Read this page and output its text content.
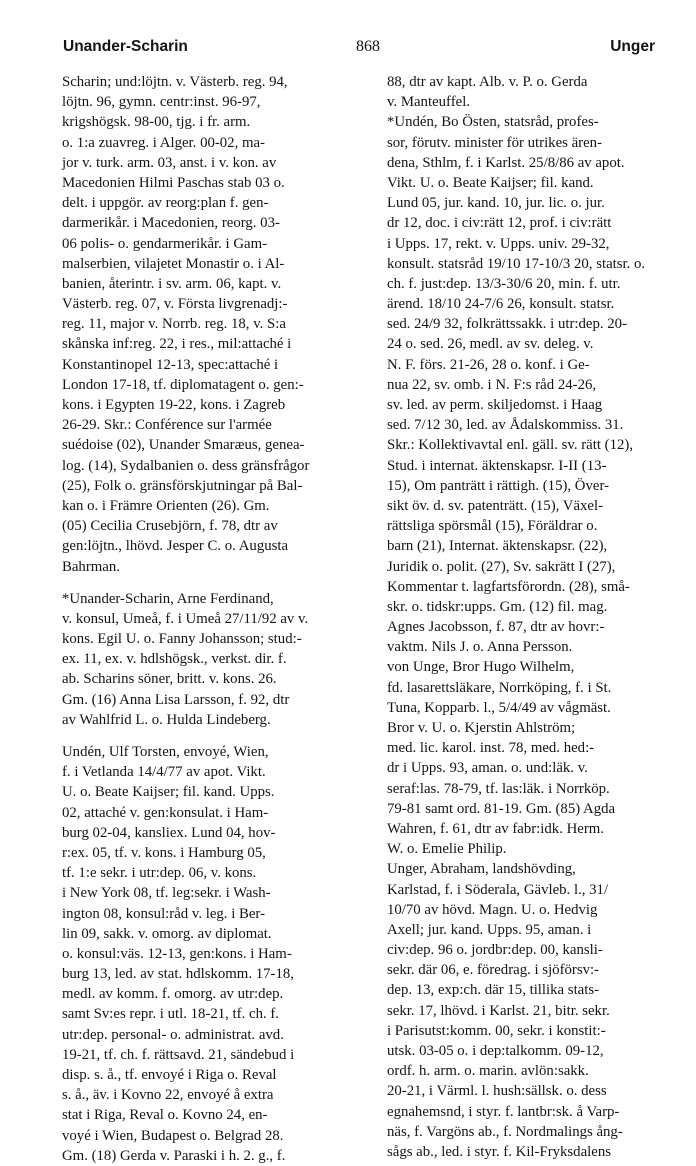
Unander-Scharin	868	Unger
Scharin; und:löjtn. v. Västerb. reg. 94,
löjtn. 96, gymn. centr:inst. 96-97,
krigshögsk. 98-00, tjg. i fr. arm.
o. 1:a zuavreg. i Alger. 00-02, ma-
jor v. turk. arm. 03, anst. i v. kon. av
Macedonien Hilmi Paschas stab 03 o.
delt. i uppgör. av reorg:plan f. gen-
darmerikår. i Macedonien, reorg. 03-
06 polis- o. gendarmerikår. i Gam-
malserbien, vilajetet Monastir o. i Al-
banien, återintr. i sv. arm. 06, kapt. v.
Västerb. reg. 07, v. Första livgrenadj:-
reg. 11, major v. Norrb. reg. 18, v. S:a
skånska inf:reg. 22, i res., mil:attaché i
Konstantinopel 12-13, spec:attaché i
London 17-18, tf. diplomatagent o. gen:-
kons. i Egypten 19-22, kons. i Zagreb
26-29. Skr.: Conférence sur l'armée
suédoise (02), Unander Smaræus, genea-
log. (14), Sydalbanien o. dess gränsfrågor
(25), Folk o. gränsförskjutningar på Bal-
kan o. i Främre Orienten (26). Gm.
(05) Cecilia Crusebjörn, f. 78, dtr av
gen:löjtn., lhövd. Jesper C. o. Augusta
Bahrman.
*Unander-Scharin, Arne Ferdinand,
v. konsul, Umeå, f. i Umeå 27/11/92 av v.
kons. Egil U. o. Fanny Johansson; stud:-
ex. 11, ex. v. hdlshögsk., verkst. dir. f.
ab. Scharins söner, britt. v. kons. 26.
Gm. (16) Anna Lisa Larsson, f. 92, dtr
av Wahlfrid L. o. Hulda Lindeberg.
Undén, Ulf Torsten, envoyé, Wien,
f. i Vetlanda 14/4/77 av apot. Vikt.
U. o. Beate Kaijser; fil. kand. Upps.
02, attaché v. gen:konsulat. i Ham-
burg 02-04, kansliex. Lund 04, hov-
r:ex. 05, tf. v. kons. i Hamburg 05,
tf. 1:e sekr. i utr:dep. 06, v. kons.
i New York 08, tf. leg:sekr. i Wash-
ington 08, konsul:råd v. leg. i Ber-
lin 09, sakk. v. omorg. av diplomat.
o. konsul:väs. 12-13, gen:kons. i Ham-
burg 13, led. av stat. hdlskomm. 17-18,
medl. av komm. f. omorg. av utr:dep.
samt Sv:es repr. i utl. 18-21, tf. ch. f.
utr:dep. personal- o. administrat. avd.
19-21, tf. ch. f. rättsavd. 21, sändebud i
disp. s. å., tf. envoyé i Riga o. Reval
s. å., äv. i Kovno 22, envoyé å extra
stat i Riga, Reval o. Kovno 24, en-
voyé i Wien, Budapest o. Belgrad 28.
Gm. (18) Gerda v. Paraski i h. 2. g., f.
88, dtr av kapt. Alb. v. P. o. Gerda
v. Manteuffel.
*Undén, Bo Östen, statsråd, profes-
sor, förutv. minister för utrikes ären-
dena, Sthlm, f. i Karlst. 25/8/86 av apot.
Vikt. U. o. Beate Kaijser; fil. kand.
Lund 05, jur. kand. 10, jur. lic. o. jur.
dr 12, doc. i civ:rätt 12, prof. i civ:rätt
i Upps. 17, rekt. v. Upps. univ. 29-32,
konsult. statsråd 19/10 17-10/3 20, statsr. o.
ch. f. just:dep. 13/3-30/6 20, min. f. utr.
ärend. 18/10 24-7/6 26, konsult. statsr.
sed. 24/9 32, folkrättssakk. i utr:dep. 20-
24 o. sed. 26, medl. av sv. deleg. v.
N. F. förs. 21-26, 28 o. konf. i Ge-
nua 22, sv. omb. i N. F:s råd 24-26,
sv. led. av perm. skiljedomst. i Haag
sed. 7/12 30, led. av Ådalskommiss. 31.
Skr.: Kollektivavtal enl. gäll. sv. rätt (12),
Stud. i internat. äktenskapsr. I-II (13-
15), Om panträtt i rättigh. (15), Över-
sikt öv. d. sv. patenträtt. (15), Växel-
rättsliga spörsmål (15), Föräldrar o.
barn (21), Internat. äktenskapsr. (22),
Juridik o. polit. (27), Sv. sakrätt I (27),
Kommentar t. lagfartsförordn. (28), små-
skr. o. tidskr:upps. Gm. (12) fil. mag.
Agnes Jacobsson, f. 87, dtr av hovr:-
vaktm. Nils J. o. Anna Persson.
von Unge, Bror Hugo Wilhelm,
fd. lasarettsläkare, Norrköping, f. i St.
Tuna, Kopparb. l., 5/4/49 av vågmäst.
Bror v. U. o. Kjerstin Ahlström;
med. lic. karol. inst. 78, med. hed:-
dr i Upps. 93, aman. o. und:läk. v.
seraf:las. 78-79, tf. las:läk. i Norrköp.
79-81 samt ord. 81-19. Gm. (85) Agda
Wahren, f. 61, dtr av fabr:idk. Herm.
W. o. Emelie Philip.
Unger, Abraham, landshövding,
Karlstad, f. i Söderala, Gävleb. l., 31/
10/70 av hövd. Magn. U. o. Hedvig
Axell; jur. kand. Upps. 95, aman. i
civ:dep. 96 o. jordbr:dep. 00, kansli-
sekr. där 06, e. föredrag. i sjöförsv:-
dep. 13, exp:ch. där 15, tillika stats-
sekr. 17, lhövd. i Karlst. 21, bitr. sekr.
i Parisutst:komm. 00, sekr. i konstit:-
utsk. 03-05 o. i dep:talkomm. 09-12,
ordf. h. arm. o. marin. avlön:sakk.
20-21, i Värml. l. hush:sällsk. o. dess
egnahemsnd, i styr. f. lantbr:sk. å Varp-
näs, f. Vargöns ab., f. Nordmalings ång-
sågs ab., led. i styr. f. Kil-Fryksdalens
